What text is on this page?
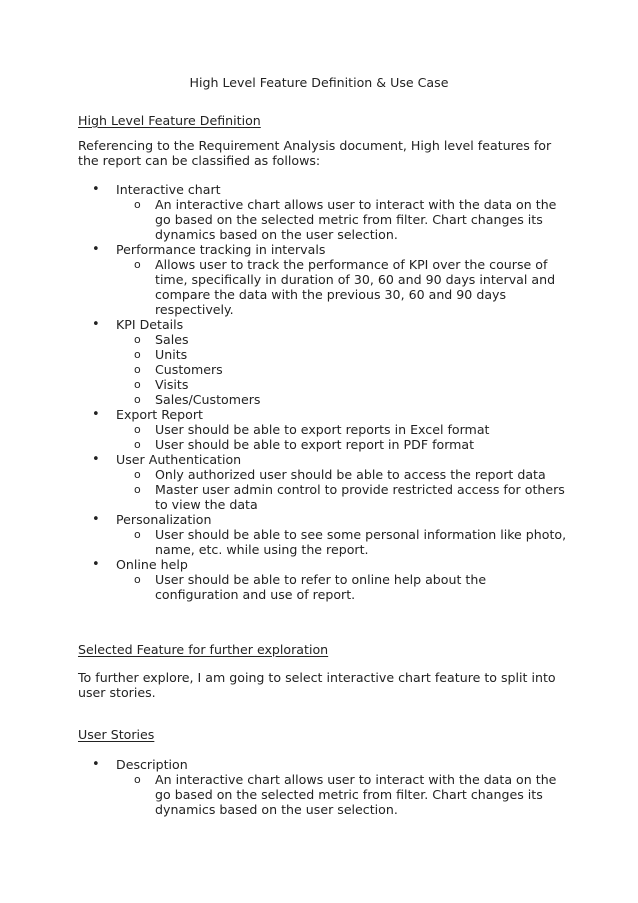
High Level Feature Definition & Use Case
High Level Feature Definition
Referencing to the Requirement Analysis document, High level features for the report can be classified as follows:
• Interactive chart
o An interactive chart allows user to interact with the data on the go based on the selected metric from filter. Chart changes its dynamics based on the user selection.
• Performance tracking in intervals
o Allows user to track the performance of KPI over the course of time, specifically in duration of 30, 60 and 90 days interval and compare the data with the previous 30, 60 and 90 days respectively.
• KPI Details
o Sales
o Units
o Customers
o Visits
o Sales/Customers
• Export Report
o User should be able to export reports in Excel format
o User should be able to export report in PDF format
• User Authentication
o Only authorized user should be able to access the report data
o Master user admin control to provide restricted access for others to view the data
• Personalization
o User should be able to see some personal information like photo, name, etc. while using the report.
• Online help
o User should be able to refer to online help about the configuration and use of report.
Selected Feature for further exploration
To further explore, I am going to select interactive chart feature to split into user stories.
User Stories
• Description
o An interactive chart allows user to interact with the data on the go based on the selected metric from filter. Chart changes its dynamics based on the user selection.
